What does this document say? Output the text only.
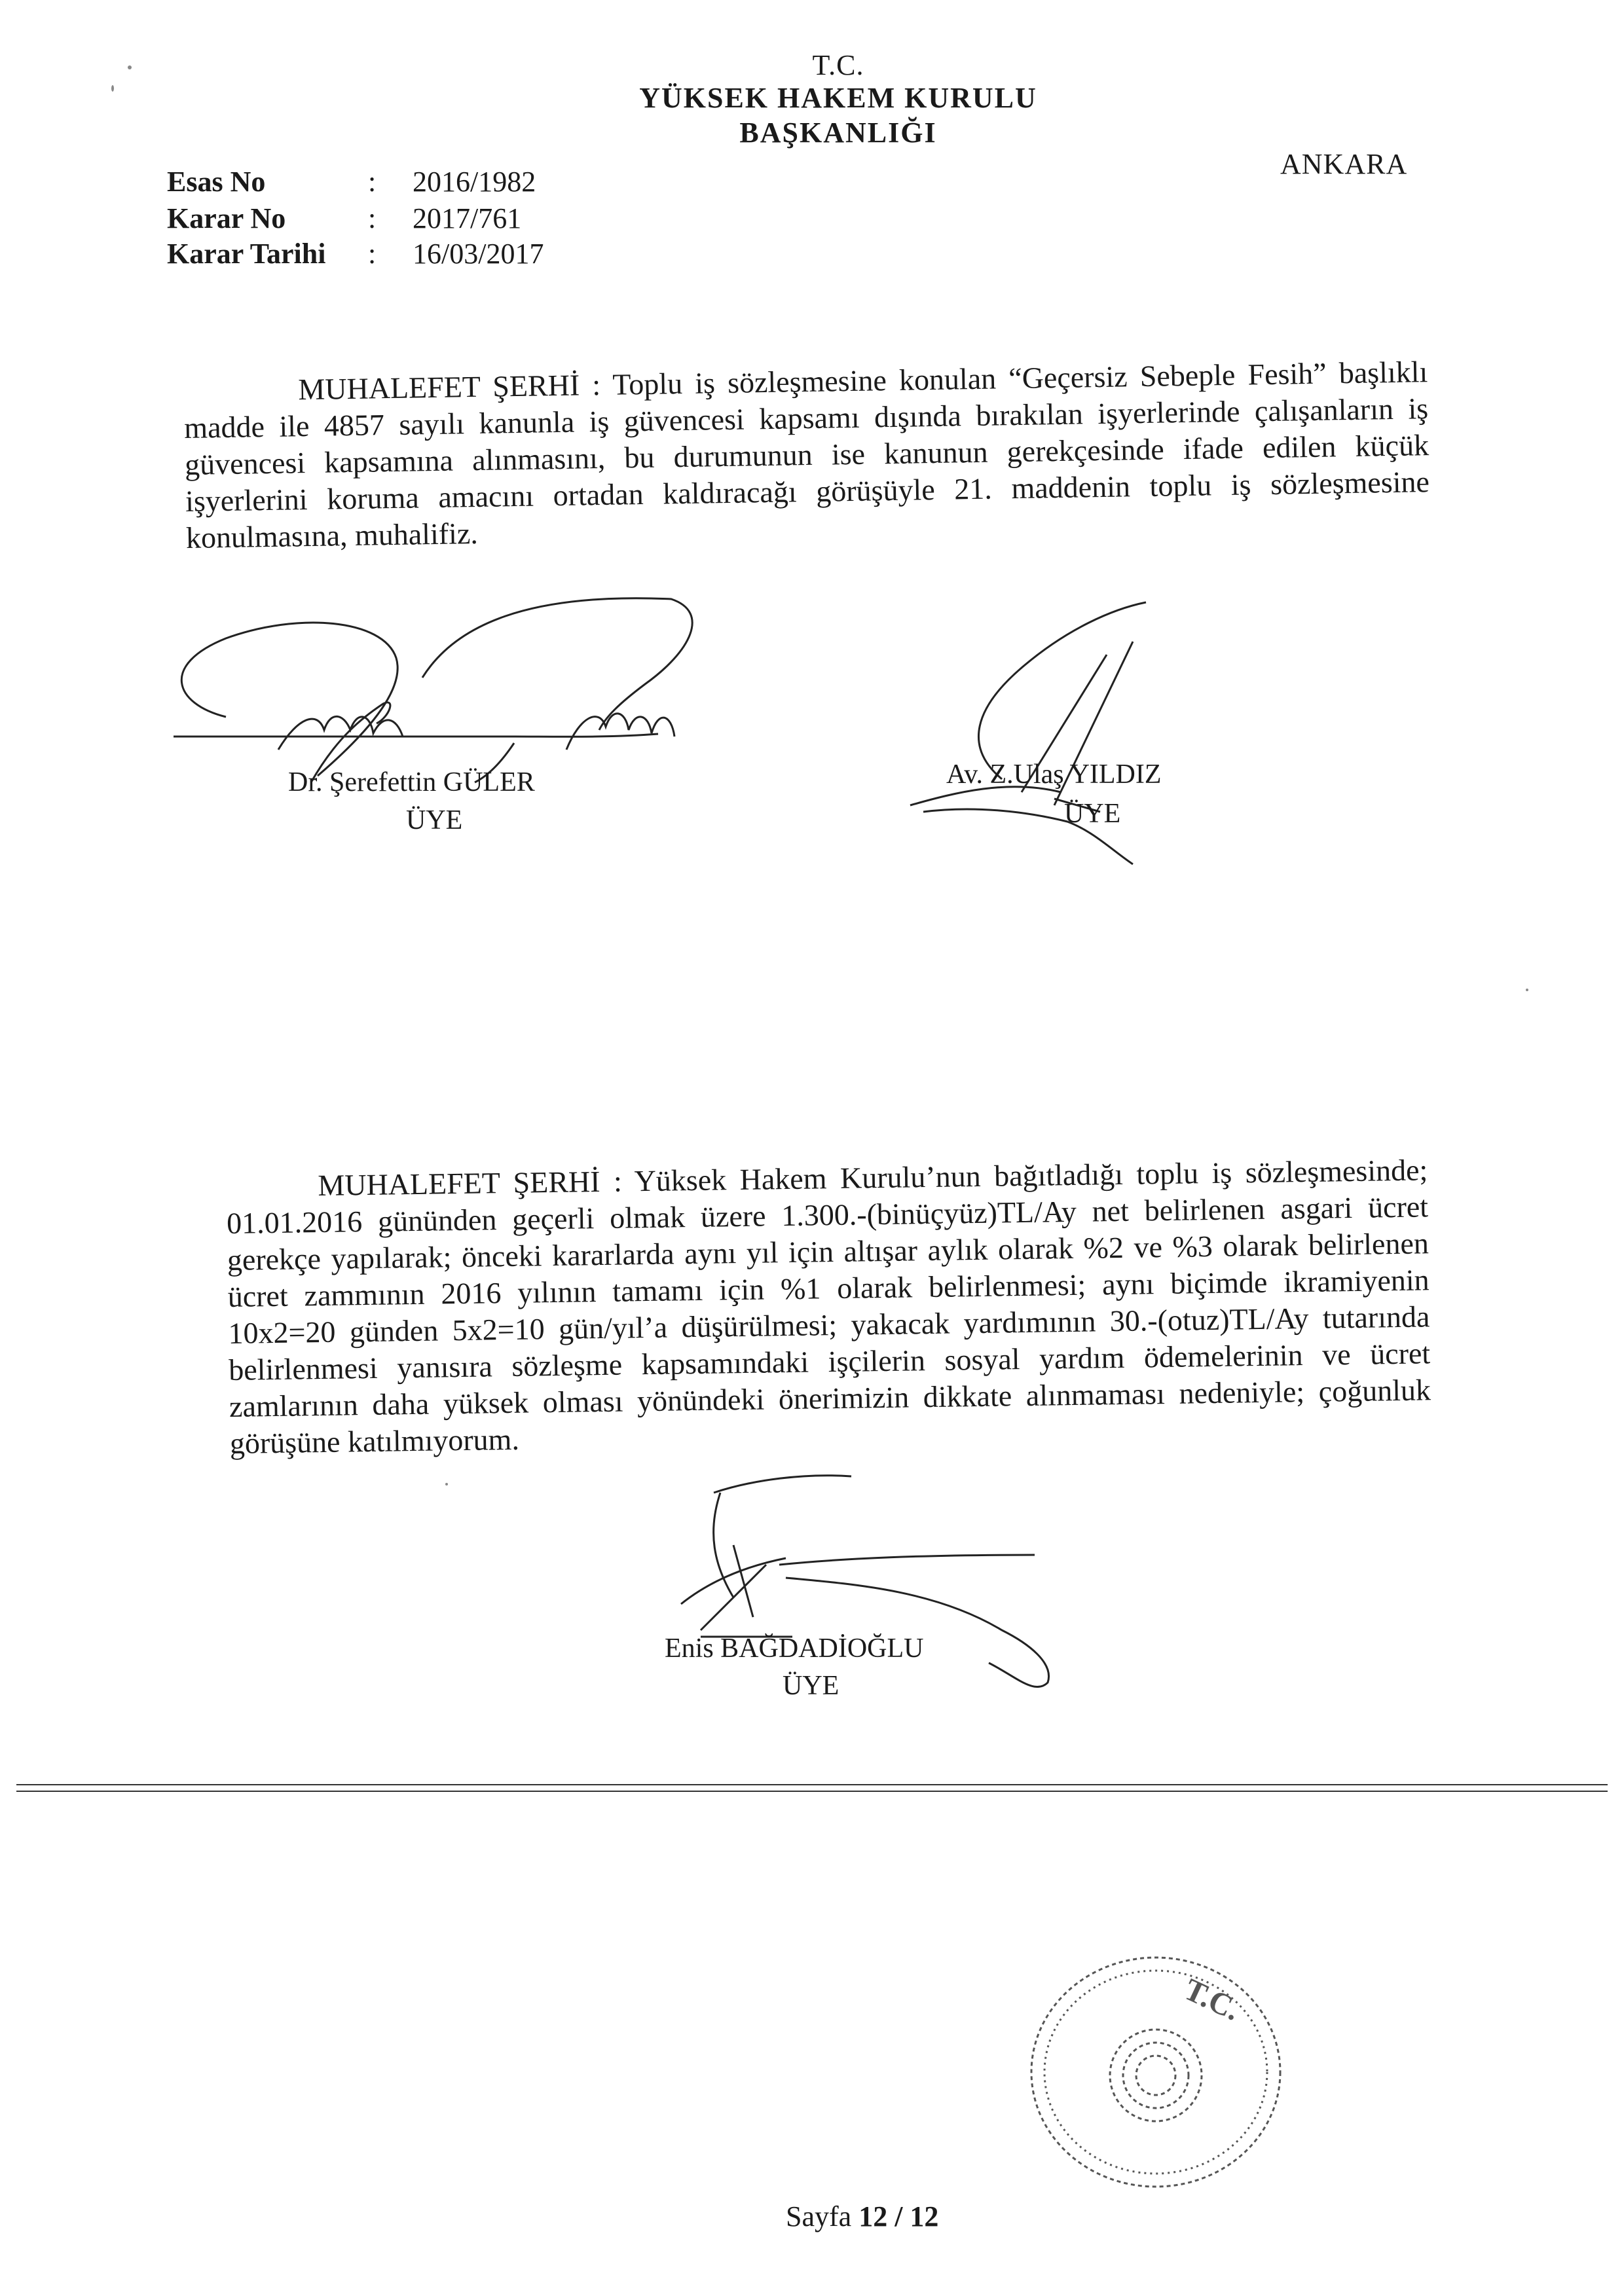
T.C.
YÜKSEK HAKEM KURULU
BAŞKANLIĞI
ANKARA
Esas No	: 2016/1982
Karar No	: 2017/761
Karar Tarihi	: 16/03/2017
MUHALEFET ŞERHİ : Toplu iş sözleşmesine konulan “Geçersiz Sebeple Fesih” başlıklı madde ile 4857 sayılı kanunla iş güvencesi kapsamı dışında bırakılan işyerlerinde çalışanların iş güvencesi kapsamına alınmasını, bu durumunun ise kanunun gerekçesinde ifade edilen küçük işyerlerini koruma amacını ortadan kaldıracağı görüşüyle 21. maddenin toplu iş sözleşmesine konulmasına, muhalifiz.
Dr. Şerefettin GÜLER
ÜYE
Av. Z.Ulaş YILDIZ
ÜYE
MUHALEFET ŞERHİ : Yüksek Hakem Kurulu’nun bağıtladığı toplu iş sözleşmesinde; 01.01.2016 gününden geçerli olmak üzere 1.300.-(binüçyüz)TL/Ay net belirlenen asgari ücret gerekçe yapılarak; önceki kararlarda aynı yıl için altışar aylık olarak %2 ve %3 olarak belirlenen ücret zammının 2016 yılının tamamı için %1 olarak belirlenmesi; aynı biçimde ikramiyenin 10x2=20 günden 5x2=10 gün/yıl’a düşürülmesi; yakacak yardımının 30.-(otuz)TL/Ay tutarında belirlenmesi yanısıra sözleşme kapsamındaki işçilerin sosyal yardım ödemelerinin ve ücret zamlarının daha yüksek olması yönündeki önerimizin dikkate alınmaması nedeniyle; çoğunluk görüşüne katılmıyorum.
Enis BAĞDADİOĞLU
ÜYE
T.C.
Sayfa 12 / 12
